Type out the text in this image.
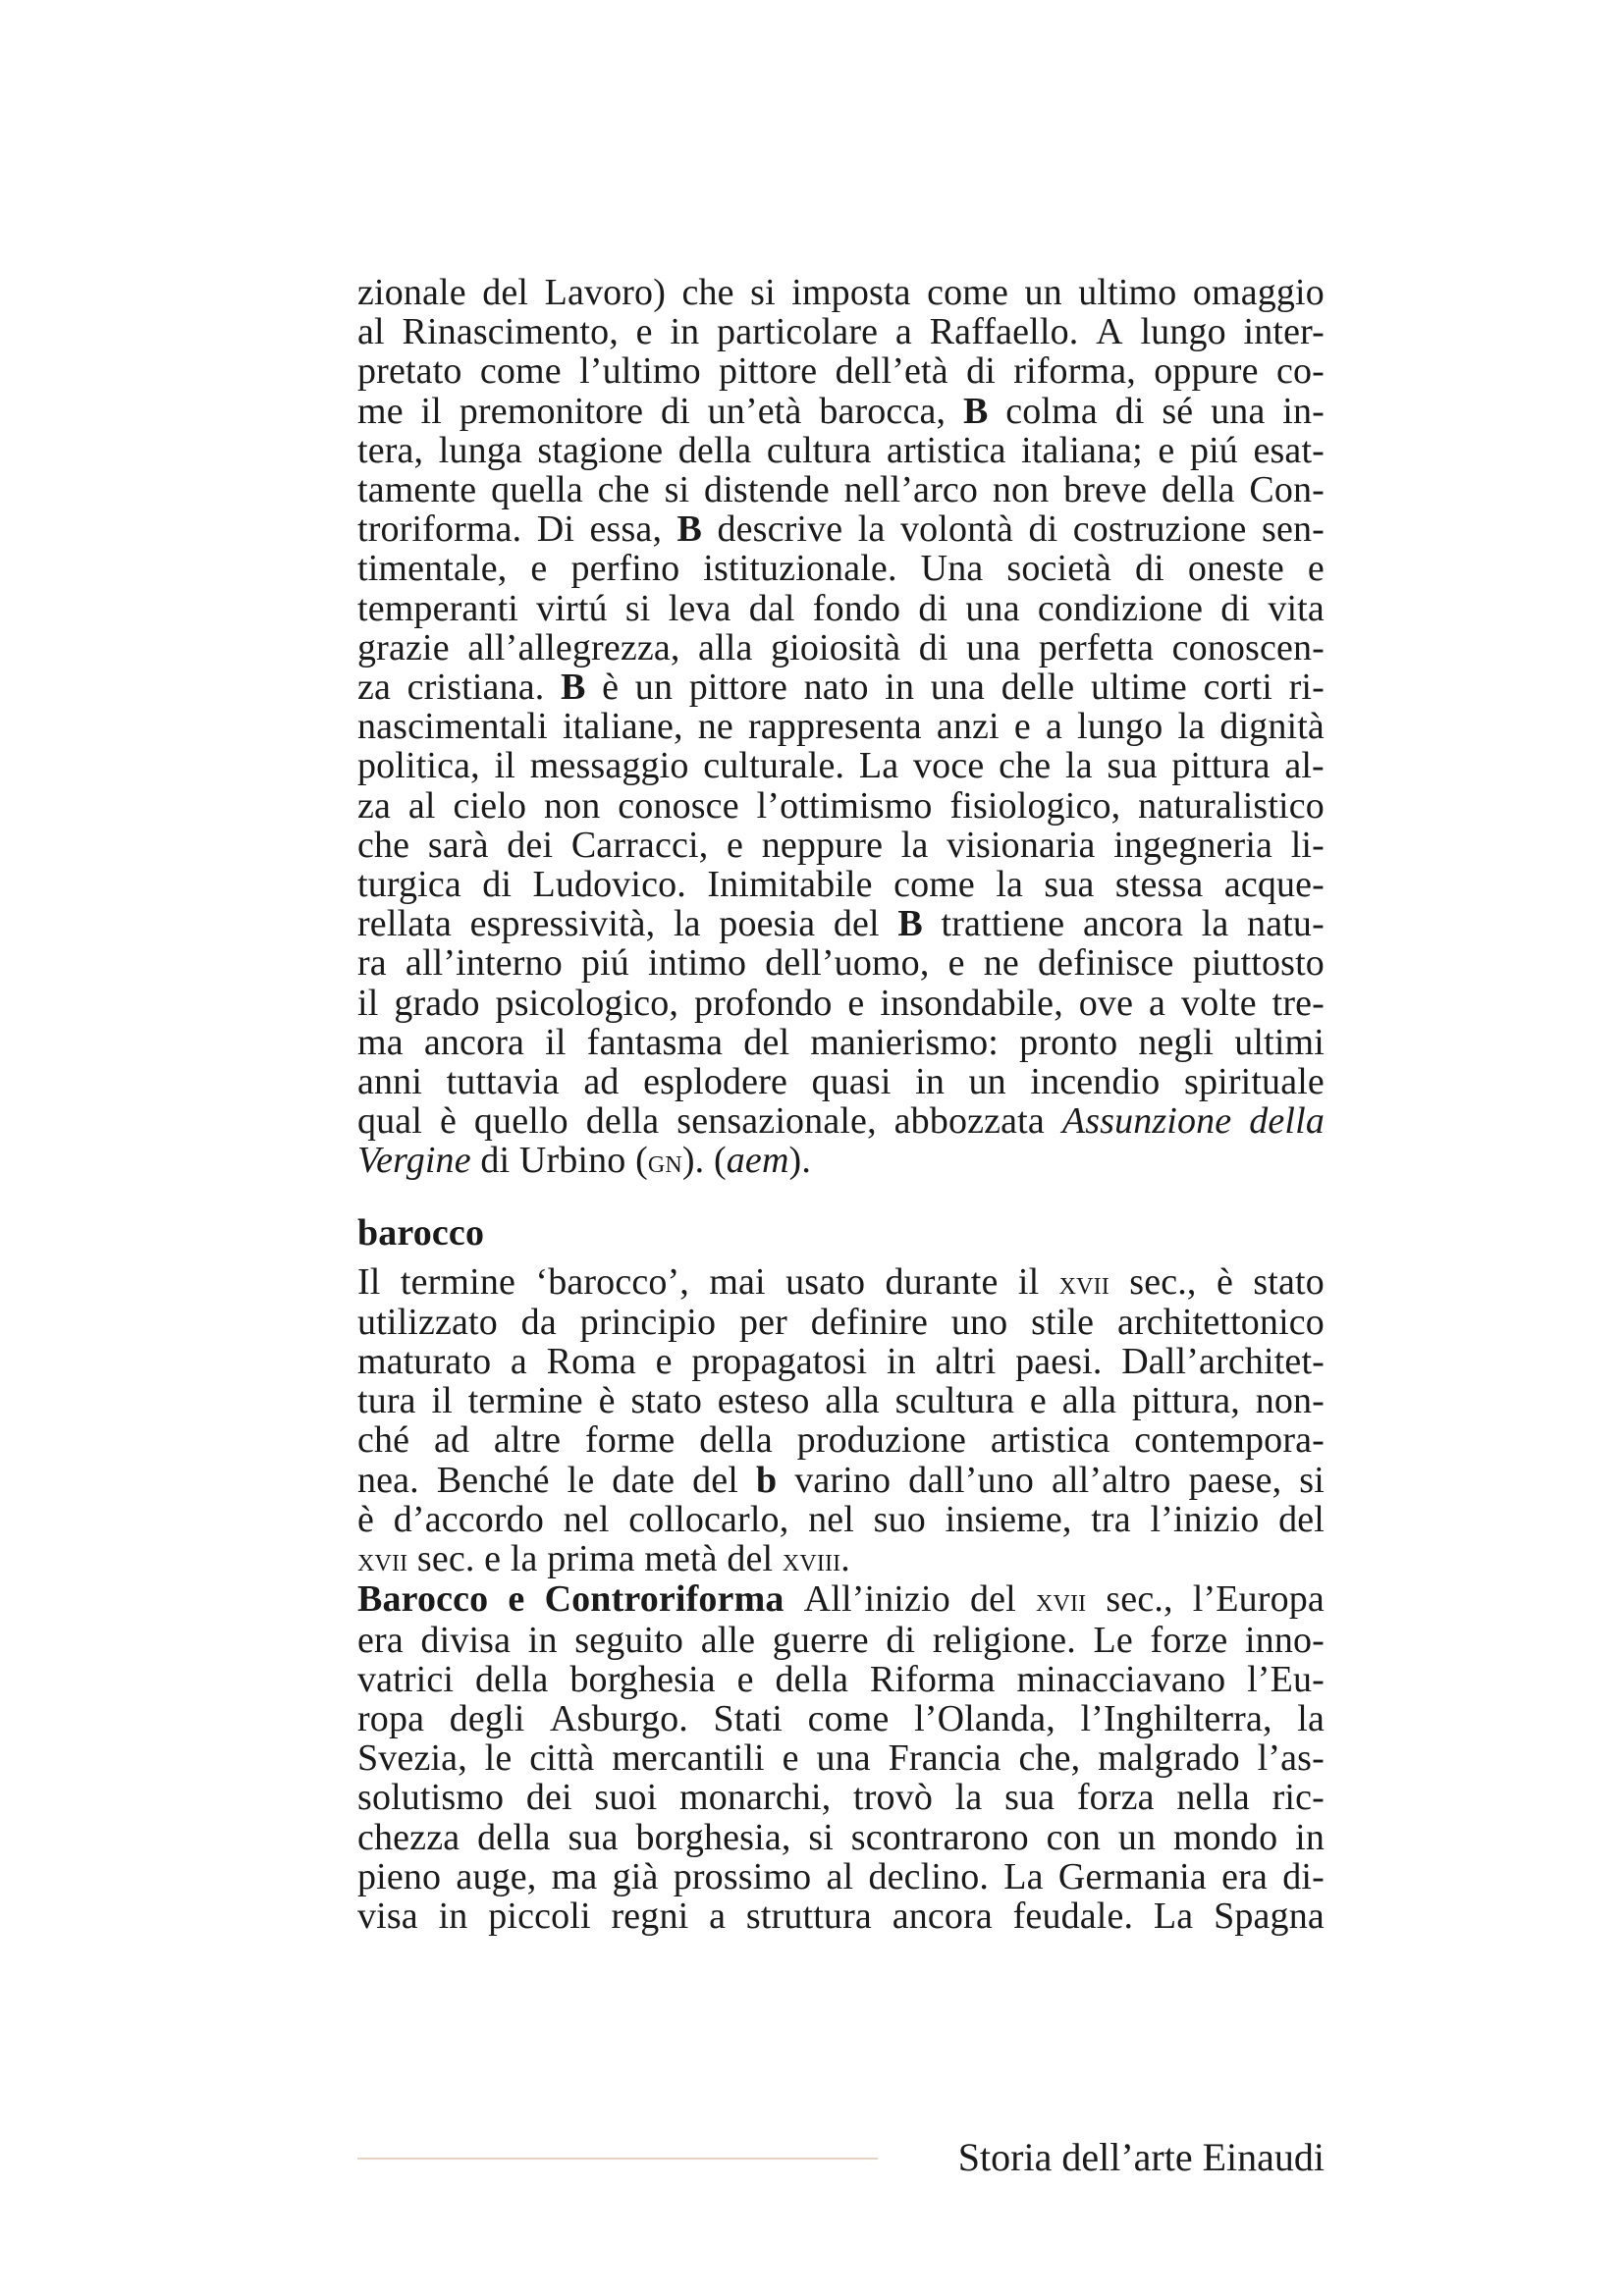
zionale del Lavoro) che si imposta come un ultimo omaggio
al Rinascimento, e in particolare a Raffaello. A lungo inter-
pretato come l’ultimo pittore dell’età di riforma, oppure co-
me il premonitore di un’età barocca, B colma di sé una in-
tera, lunga stagione della cultura artistica italiana; e piú esat-
tamente quella che si distende nell’arco non breve della Con-
troriforma. Di essa, B descrive la volontà di costruzione sen-
timentale, e perfino istituzionale. Una società di oneste e
temperanti virtú si leva dal fondo di una condizione di vita
grazie all’allegrezza, alla gioiosità di una perfetta conoscen-
za cristiana. B è un pittore nato in una delle ultime corti ri-
nascimentali italiane, ne rappresenta anzi e a lungo la dignità
politica, il messaggio culturale. La voce che la sua pittura al-
za al cielo non conosce l’ottimismo fisiologico, naturalistico
che sarà dei Carracci, e neppure la visionaria ingegneria li-
turgica di Ludovico. Inimitabile come la sua stessa acque-
rellata espressività, la poesia del B trattiene ancora la natu-
ra all’interno piú intimo dell’uomo, e ne definisce piuttosto
il grado psicologico, profondo e insondabile, ove a volte tre-
ma ancora il fantasma del manierismo: pronto negli ultimi
anni tuttavia ad esplodere quasi in un incendio spirituale
qual è quello della sensazionale, abbozzata Assunzione della
Vergine di Urbino (gn). (aem).
barocco
Il termine ‘barocco’, mai usato durante il xvii sec., è stato
utilizzato da principio per definire uno stile architettonico
maturato a Roma e propagatosi in altri paesi. Dall’architet-
tura il termine è stato esteso alla scultura e alla pittura, non-
ché ad altre forme della produzione artistica contempora-
nea. Benché le date del b varino dall’uno all’altro paese, si
è d’accordo nel collocarlo, nel suo insieme, tra l’inizio del
xvii sec. e la prima metà del xviii.
Barocco e Controriforma All’inizio del xvii sec., l’Europa
era divisa in seguito alle guerre di religione. Le forze inno-
vatrici della borghesia e della Riforma minacciavano l’Eu-
ropa degli Asburgo. Stati come l’Olanda, l’Inghilterra, la
Svezia, le città mercantili e una Francia che, malgrado l’as-
solutismo dei suoi monarchi, trovò la sua forza nella ric-
chezza della sua borghesia, si scontrarono con un mondo in
pieno auge, ma già prossimo al declino. La Germania era di-
visa in piccoli regni a struttura ancora feudale. La Spagna
Storia dell’arte Einaudi
